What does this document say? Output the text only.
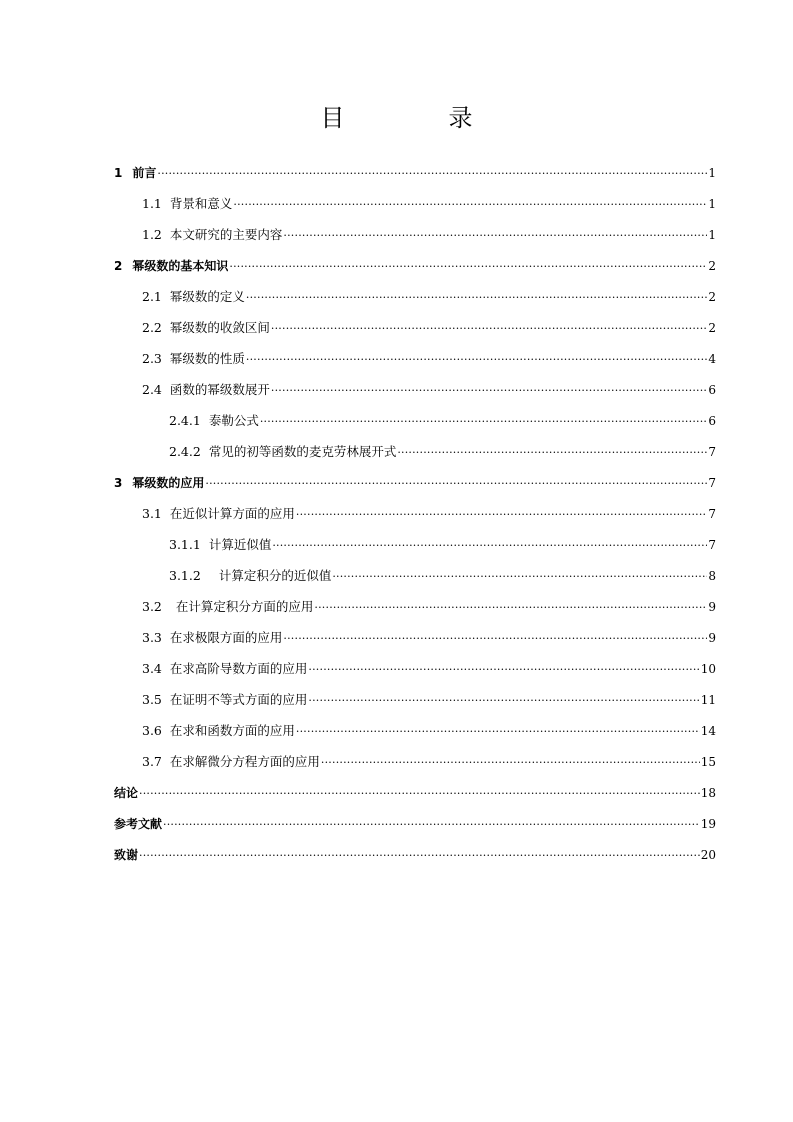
目　录
1 前言 ·····	1
1.1 背景和意义 ·····	1
1.2 本文研究的主要内容 ·····	1
2 幂级数的基本知识 ·····	2
2.1 幂级数的定义 ·····	2
2.2 幂级数的收敛区间 ·····	2
2.3 幂级数的性质 ·····	4
2.4 函数的幂级数展开 ·····	6
2.4.1 泰勒公式 ·····	6
2.4.2 常见的初等函数的麦克劳林展开式 ·····	7
3 幂级数的应用 ·····	7
3.1 在近似计算方面的应用 ·····	7
3.1.1 计算近似值 ·····	7
3.1.2 计算定积分的近似值 ·····	8
3.2 在计算定积分方面的应用 ·····	9
3.3 在求极限方面的应用 ·····	9
3.4 在求高阶导数方面的应用 ·····	10
3.5 在证明不等式方面的应用 ·····	11
3.6 在求和函数方面的应用 ·····	14
3.7 在求解微分方程方面的应用 ·····	15
结论 ·····	18
参考文献 ·····	19
致谢 ·····	20
